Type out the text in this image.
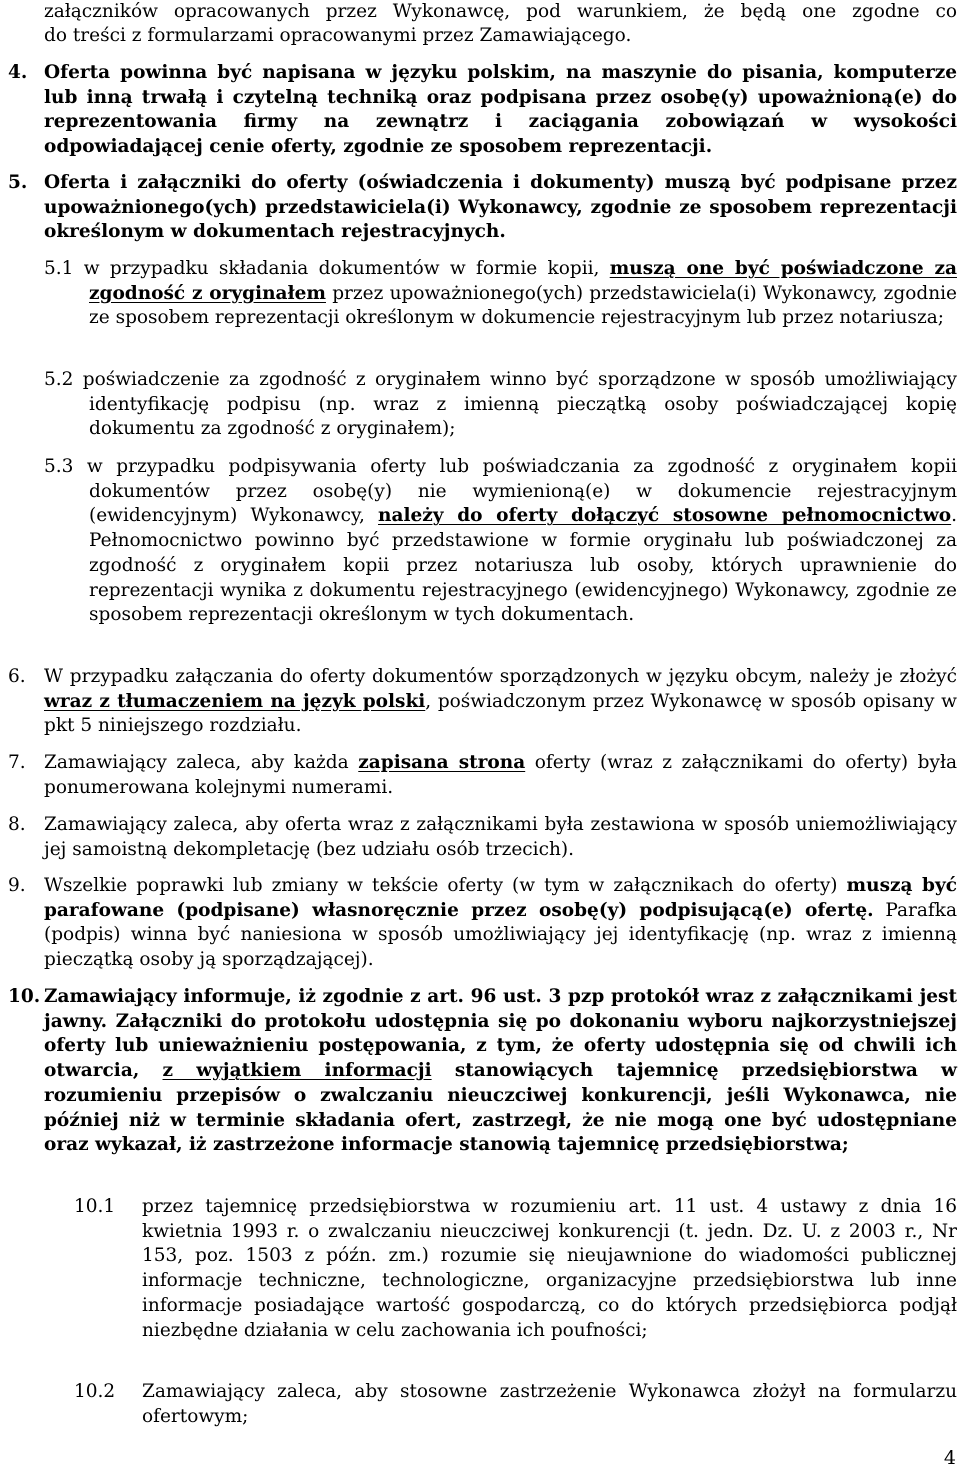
załączników opracowanych przez Wykonawcę, pod warunkiem, że będą one zgodne co
do treści z formularzami opracowanymi przez Zamawiającego.
4. Oferta powinna być napisana w języku polskim, na maszynie do pisania, komputerze lub inną trwałą i czytelną techniką oraz podpisana przez osobę(y) upoważnioną(e) do reprezentowania firmy na zewnątrz i zaciągania zobowiązań w wysokości odpowiadającej cenie oferty, zgodnie ze sposobem reprezentacji.
5. Oferta i załączniki do oferty (oświadczenia i dokumenty) muszą być podpisane przez upoważnionego(ych) przedstawiciela(i) Wykonawcy, zgodnie ze sposobem reprezentacji określonym w dokumentach rejestracyjnych.
5.1 w przypadku składania dokumentów w formie kopii, muszą one być poświadczone za zgodność z oryginałem przez upoważnionego(ych) przedstawiciela(i) Wykonawcy, zgodnie ze sposobem reprezentacji określonym w dokumencie rejestracyjnym lub przez notariusza;
5.2 poświadczenie za zgodność z oryginałem winno być sporządzone w sposób umożliwiający identyfikację podpisu (np. wraz z imienną pieczątką osoby poświadczającej kopię dokumentu za zgodność z oryginałem);
5.3 w przypadku podpisywania oferty lub poświadczania za zgodność z oryginałem kopii dokumentów przez osobę(y) nie wymienioną(e) w dokumencie rejestracyjnym (ewidencyjnym) Wykonawcy, należy do oferty dołączyć stosowne pełnomocnictwo. Pełnomocnictwo powinno być przedstawione w formie oryginału lub poświadczonej za zgodność z oryginałem kopii przez notariusza lub osoby, których uprawnienie do reprezentacji wynika z dokumentu rejestracyjnego (ewidencyjnego) Wykonawcy, zgodnie ze sposobem reprezentacji określonym w tych dokumentach.
6. W przypadku załączania do oferty dokumentów sporządzonych w języku obcym, należy je złożyć wraz z tłumaczeniem na język polski, poświadczonym przez Wykonawcę w sposób opisany w pkt 5 niniejszego rozdziału.
7. Zamawiający zaleca, aby każda zapisana strona oferty (wraz z załącznikami do oferty) była ponumerowana kolejnymi numerami.
8. Zamawiający zaleca, aby oferta wraz z załącznikami była zestawiona w sposób uniemożliwiający jej samoistną dekompletację (bez udziału osób trzecich).
9. Wszelkie poprawki lub zmiany w tekście oferty (w tym w załącznikach do oferty) muszą być parafowane (podpisane) własnoręcznie przez osobę(y) podpisującą(e) ofertę. Parafka (podpis) winna być naniesiona w sposób umożliwiający jej identyfikację (np. wraz z imienną pieczątką osoby ją sporządzającej).
10. Zamawiający informuje, iż zgodnie z art. 96 ust. 3 pzp protokół wraz z załącznikami jest jawny. Załączniki do protokołu udostępnia się po dokonaniu wyboru najkorzystniejszej oferty lub unieważnieniu postępowania, z tym, że oferty udostępnia się od chwili ich otwarcia, z wyjątkiem informacji stanowiących tajemnicę przedsiębiorstwa w rozumieniu przepisów o zwalczaniu nieuczciwej konkurencji, jeśli Wykonawca, nie później niż w terminie składania ofert, zastrzegł, że nie mogą one być udostępniane oraz wykazał, iż zastrzeżone informacje stanowią tajemnicę przedsiębiorstwa;
10.1 przez tajemnicę przedsiębiorstwa w rozumieniu art. 11 ust. 4 ustawy z dnia 16 kwietnia 1993 r. o zwalczaniu nieuczciwej konkurencji (t. jedn. Dz. U. z 2003 r., Nr 153, poz. 1503 z późn. zm.) rozumie się nieujawnione do wiadomości publicznej informacje techniczne, technologiczne, organizacyjne przedsiębiorstwa lub inne informacje posiadające wartość gospodarczą, co do których przedsiębiorca podjął niezbędne działania w celu zachowania ich poufności;
10.2 Zamawiający zaleca, aby stosowne zastrzeżenie Wykonawca złożył na formularzu ofertowym;
4
